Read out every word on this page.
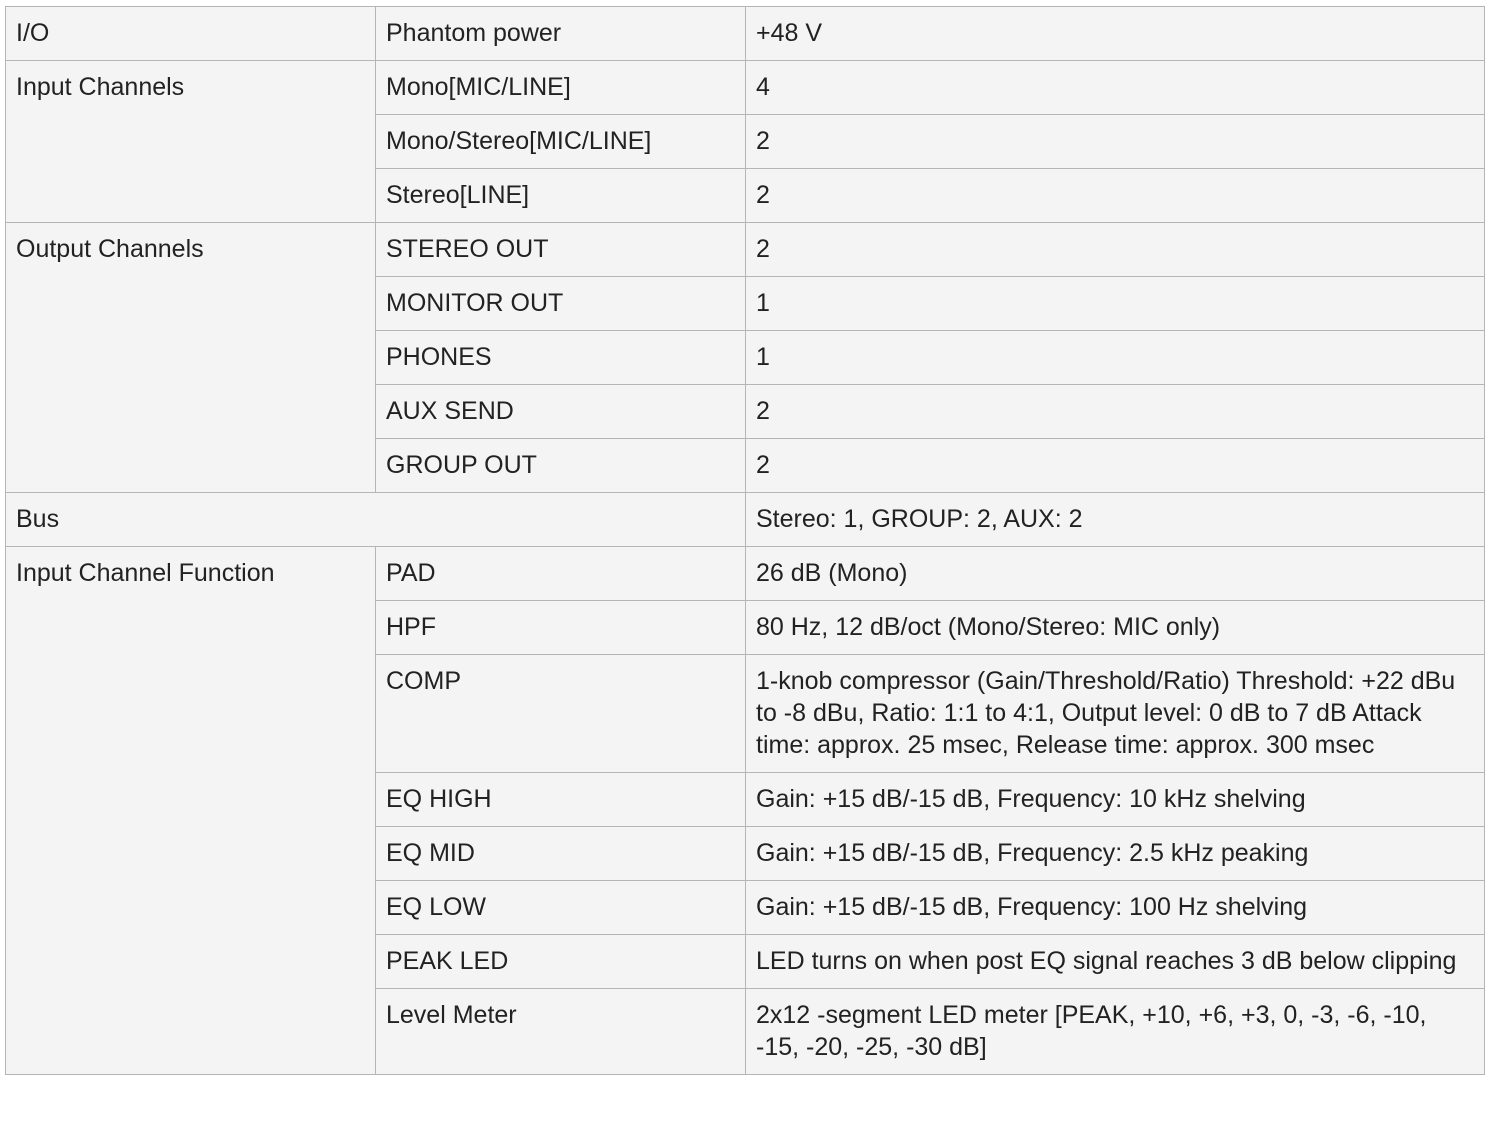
I/O	Phantom power	+48 V
Input Channels	Mono[MIC/LINE]	4
	Mono/Stereo[MIC/LINE]	2
	Stereo[LINE]	2
Output Channels	STEREO OUT	2
	MONITOR OUT	1
	PHONES	1
	AUX SEND	2
	GROUP OUT	2
Bus		Stereo: 1, GROUP: 2, AUX: 2
Input Channel Function	PAD	26 dB (Mono)
	HPF	80 Hz, 12 dB/oct (Mono/Stereo: MIC only)
	COMP	1-knob compressor (Gain/Threshold/Ratio) Threshold: +22 dBu to -8 dBu, Ratio: 1:1 to 4:1, Output level: 0 dB to 7 dB Attack time: approx. 25 msec, Release time: approx. 300 msec
	EQ HIGH	Gain: +15 dB/-15 dB, Frequency: 10 kHz shelving
	EQ MID	Gain: +15 dB/-15 dB, Frequency: 2.5 kHz peaking
	EQ LOW	Gain: +15 dB/-15 dB, Frequency: 100 Hz shelving
	PEAK LED	LED turns on when post EQ signal reaches 3 dB below clipping
	Level Meter	2x12 -segment LED meter [PEAK, +10, +6, +3, 0, -3, -6, -10, -15, -20, -25, -30 dB]
